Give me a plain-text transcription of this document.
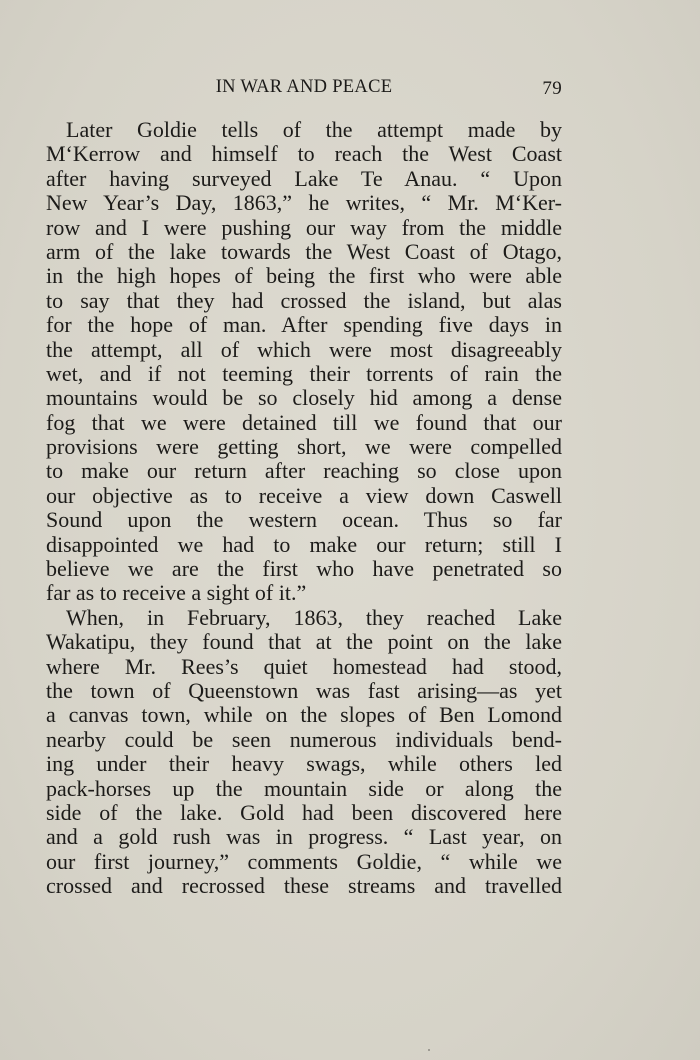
IN WAR AND PEACE	79
Later Goldie tells of the attempt made by
M‘Kerrow and himself to reach the West Coast
after having surveyed Lake Te Anau. “ Upon
New Year’s Day, 1863,” he writes, “ Mr. M‘Ker-
row and I were pushing our way from the middle
arm of the lake towards the West Coast of Otago,
in the high hopes of being the first who were able
to say that they had crossed the island, but alas
for the hope of man. After spending five days in
the attempt, all of which were most disagreeably
wet, and if not teeming their torrents of rain the
mountains would be so closely hid among a dense
fog that we were detained till we found that our
provisions were getting short, we were compelled
to make our return after reaching so close upon
our objective as to receive a view down Caswell
Sound upon the western ocean. Thus so far
disappointed we had to make our return; still I
believe we are the first who have penetrated so
far as to receive a sight of it.”
When, in February, 1863, they reached Lake
Wakatipu, they found that at the point on the lake
where Mr. Rees’s quiet homestead had stood,
the town of Queenstown was fast arising—as yet
a canvas town, while on the slopes of Ben Lomond
nearby could be seen numerous individuals bend-
ing under their heavy swags, while others led
pack-horses up the mountain side or along the
side of the lake. Gold had been discovered here
and a gold rush was in progress. “ Last year, on
our first journey,” comments Goldie, “ while we
crossed and recrossed these streams and travelled
